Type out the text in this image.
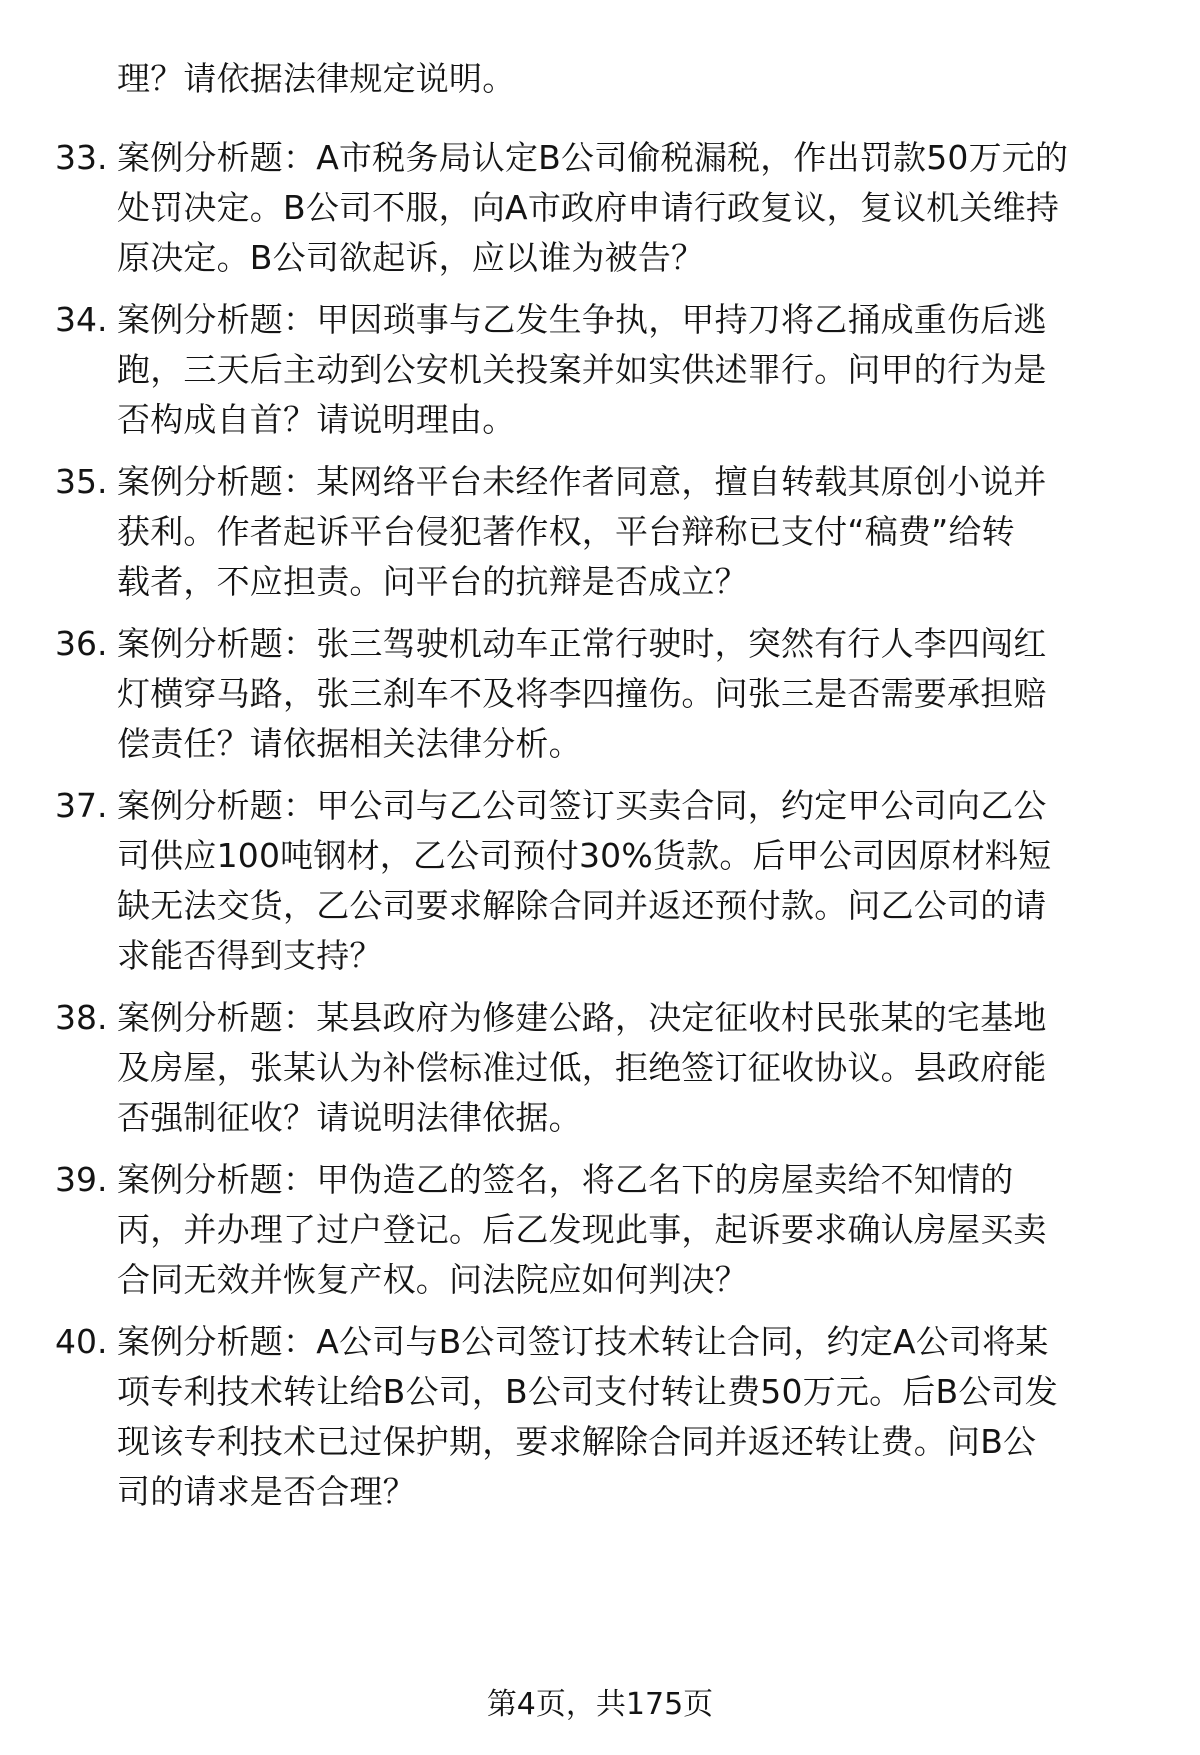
理？请依据法律规定说明。
33. 案例分析题：A市税务局认定B公司偷税漏税，作出罚款50万元的
处罚决定。B公司不服，向A市政府申请行政复议，复议机关维持
原决定。B公司欲起诉，应以谁为被告？
34. 案例分析题：甲因琐事与乙发生争执，甲持刀将乙捅成重伤后逃
跑，三天后主动到公安机关投案并如实供述罪行。问甲的行为是
否构成自首？请说明理由。
35. 案例分析题：某网络平台未经作者同意，擅自转载其原创小说并
获利。作者起诉平台侵犯著作权，平台辩称已支付“稿费”给转
载者，不应担责。问平台的抗辩是否成立？
36. 案例分析题：张三驾驶机动车正常行驶时，突然有行人李四闯红
灯横穿马路，张三刹车不及将李四撞伤。问张三是否需要承担赔
偿责任？请依据相关法律分析。
37. 案例分析题：甲公司与乙公司签订买卖合同，约定甲公司向乙公
司供应100吨钢材，乙公司预付30%货款。后甲公司因原材料短
缺无法交货，乙公司要求解除合同并返还预付款。问乙公司的请
求能否得到支持？
38. 案例分析题：某县政府为修建公路，决定征收村民张某的宅基地
及房屋，张某认为补偿标准过低，拒绝签订征收协议。县政府能
否强制征收？请说明法律依据。
39. 案例分析题：甲伪造乙的签名，将乙名下的房屋卖给不知情的
丙，并办理了过户登记。后乙发现此事，起诉要求确认房屋买卖
合同无效并恢复产权。问法院应如何判决？
40. 案例分析题：A公司与B公司签订技术转让合同，约定A公司将某
项专利技术转让给B公司，B公司支付转让费50万元。后B公司发
现该专利技术已过保护期，要求解除合同并返还转让费。问B公
司的请求是否合理？
第4页，共175页
